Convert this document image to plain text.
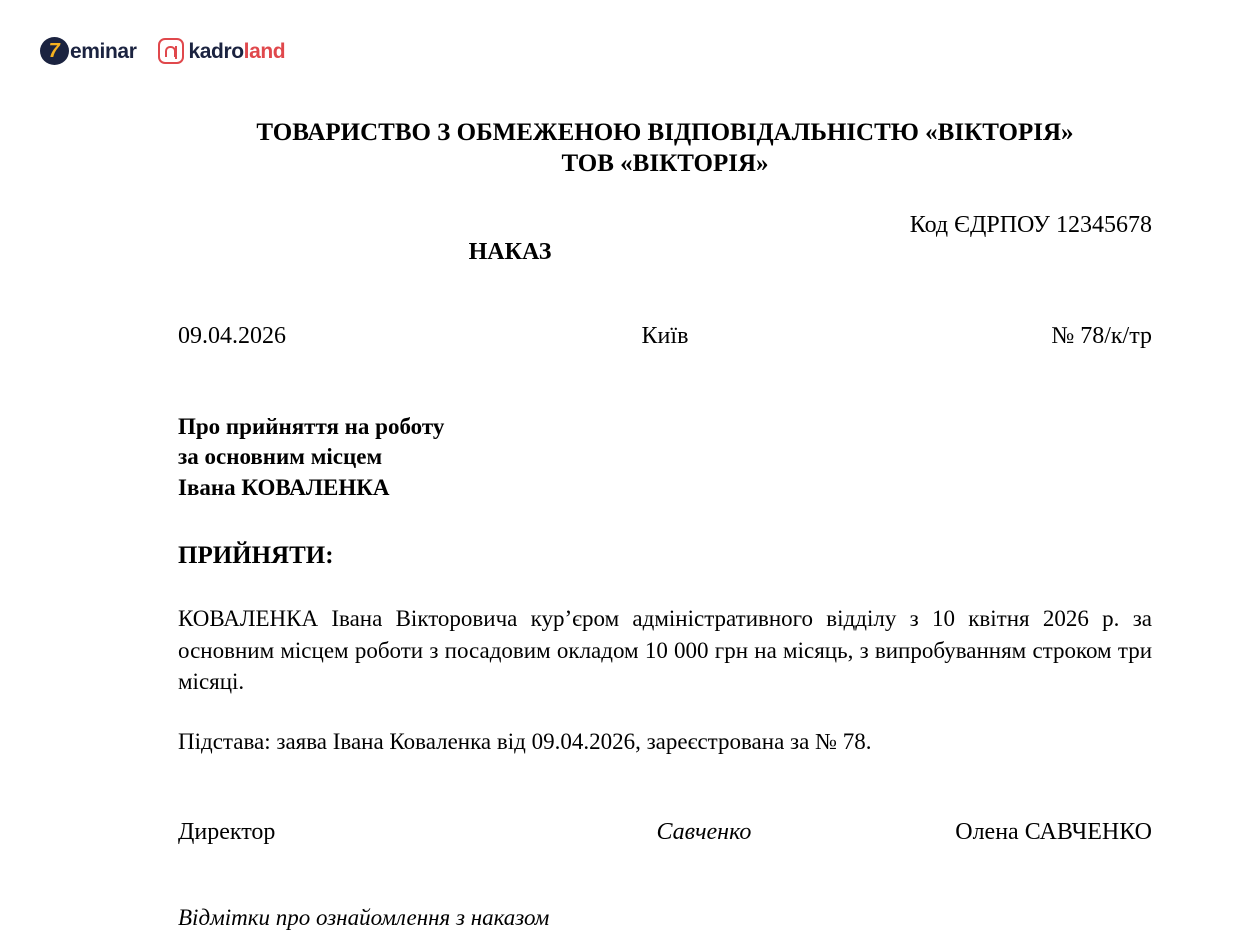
7 eminar kadroland
ТОВАРИСТВО З ОБМЕЖЕНОЮ ВІДПОВІДАЛЬНІСТЮ «ВІКТОРІЯ»
ТОВ «ВІКТОРІЯ»
Код ЄДРПОУ 12345678
НАКАЗ
09.04.2026	Київ	№ 78/к/тр
Про прийняття на роботу
за основним місцем
Івана КОВАЛЕНКА
ПРИЙНЯТИ:
КОВАЛЕНКА Івана Вікторовича кур’єром адміністративного відділу з 10 квітня 2026 р. за основним місцем роботи з посадовим окладом 10 000 грн на місяць, з випробуванням строком три місяці.
Підстава: заява Івана Коваленка від 09.04.2026, зареєстрована за № 78.
Директор	Савченко	Олена САВЧЕНКО
Відмітки про ознайомлення з наказом
